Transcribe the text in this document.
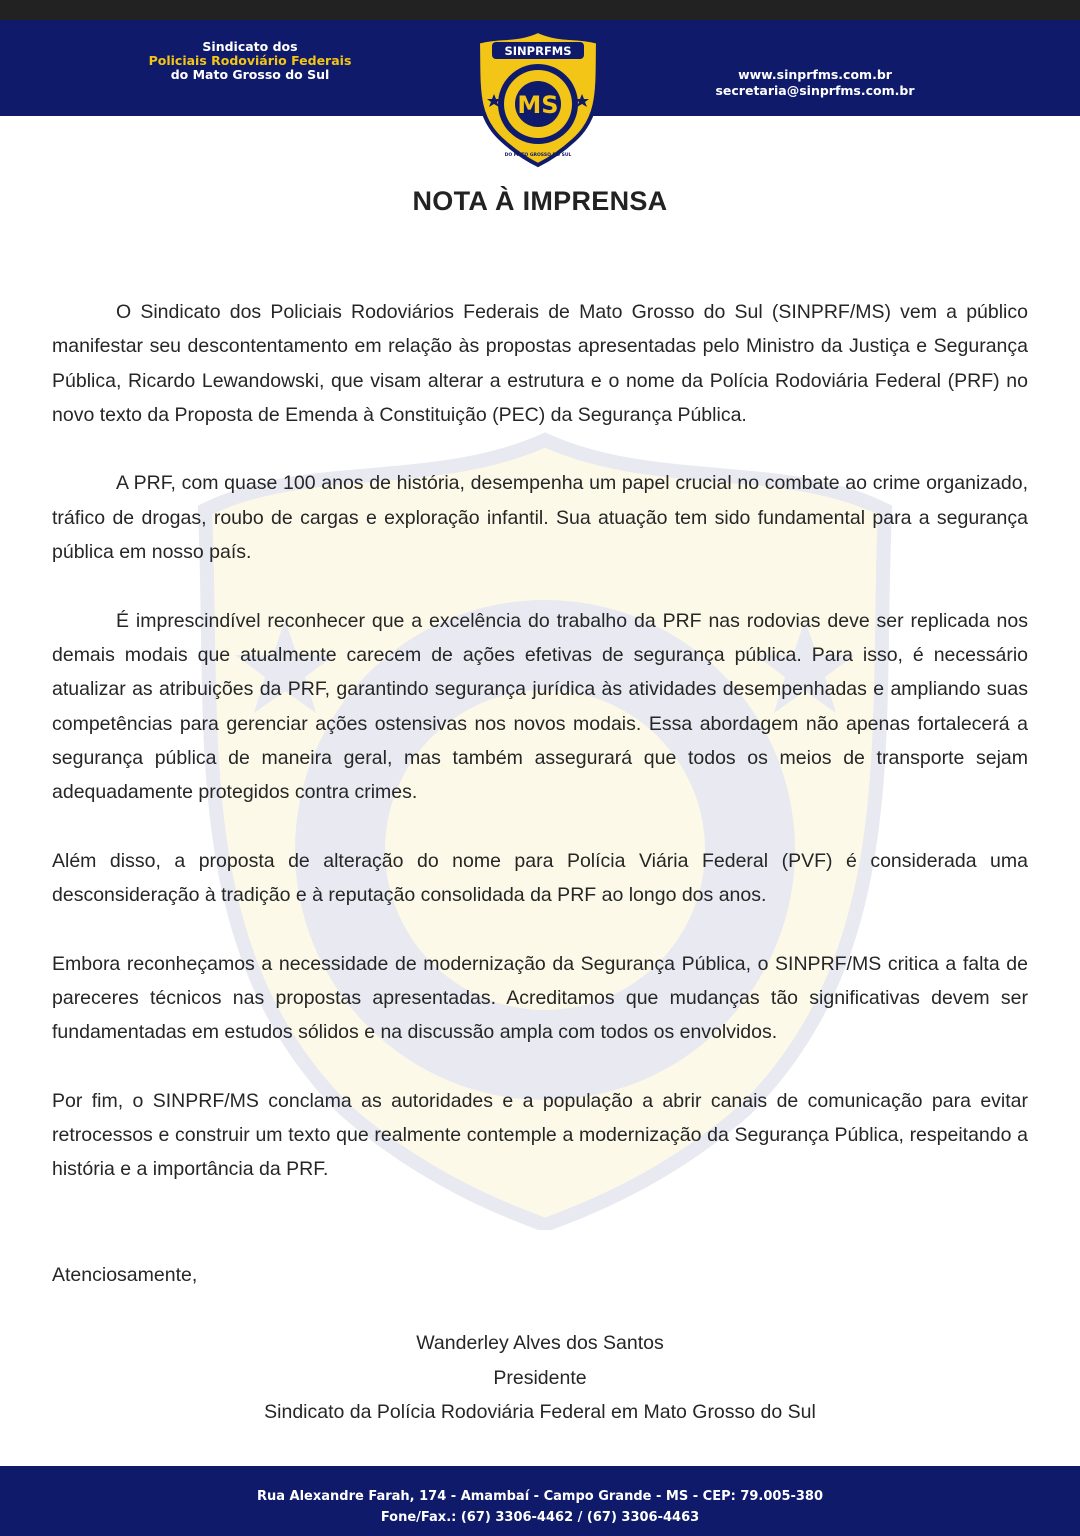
Sindicato dos
Policiais Rodoviário Federais
do Mato Grosso do Sul	www.sinprfms.com.br
secretaria@sinprfms.com.br
SINPRFMS
MS
DO MATO GROSSO DO SUL
NOTA À IMPRENSA

O Sindicato dos Policiais Rodoviários Federais de Mato Grosso do Sul (SINPRF/MS) vem a público manifestar seu descontentamento em relação às propostas apresentadas pelo Ministro da Justiça e Segurança Pública, Ricardo Lewandowski, que visam alterar a estrutura e o nome da Polícia Rodoviária Federal (PRF) no novo texto da Proposta de Emenda à Constituição (PEC) da Segurança Pública.

A PRF, com quase 100 anos de história, desempenha um papel crucial no combate ao crime organizado, tráfico de drogas, roubo de cargas e exploração infantil. Sua atuação tem sido fundamental para a segurança pública em nosso país.

É imprescindível reconhecer que a excelência do trabalho da PRF nas rodovias deve ser replicada nos demais modais que atualmente carecem de ações efetivas de segurança pública. Para isso, é necessário atualizar as atribuições da PRF, garantindo segurança jurídica às atividades desempenhadas e ampliando suas competências para gerenciar ações ostensivas nos novos modais. Essa abordagem não apenas fortalecerá a segurança pública de maneira geral, mas também assegurará que todos os meios de transporte sejam adequadamente protegidos contra crimes.

Além disso, a proposta de alteração do nome para Polícia Viária Federal (PVF) é considerada uma desconsideração à tradição e à reputação consolidada da PRF ao longo dos anos.

Embora reconheçamos a necessidade de modernização da Segurança Pública, o SINPRF/MS critica a falta de pareceres técnicos nas propostas apresentadas. Acreditamos que mudanças tão significativas devem ser fundamentadas em estudos sólidos e na discussão ampla com todos os envolvidos.

Por fim, o SINPRF/MS conclama as autoridades e a população a abrir canais de comunicação para evitar retrocessos e construir um texto que realmente contemple a modernização da Segurança Pública, respeitando a história e a importância da PRF.

Atenciosamente,
Wanderley Alves dos Santos
Presidente
Sindicato da Polícia Rodoviária Federal em Mato Grosso do Sul
Rua Alexandre Farah, 174 - Amambaí - Campo Grande - MS - CEP: 79.005-380
Fone/Fax.: (67) 3306-4462 / (67) 3306-4463
